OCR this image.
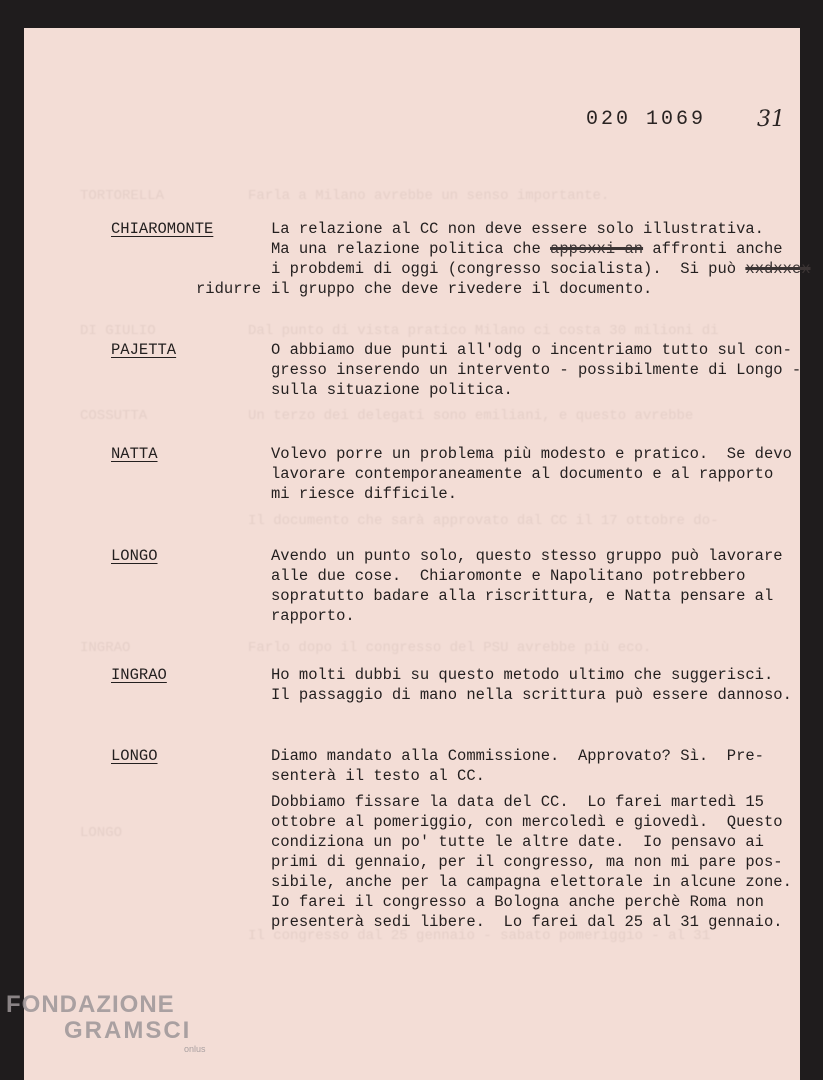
TORTORELLA          Farla a Milano avrebbe un senso importante.
DI GIULIO           Dal punto di vista pratico Milano ci costa 30 milioni di
COSSUTTA            Un terzo dei delegati sono emiliani, e questo avrebbe
Il documento che sarà approvato dal CC il 17 ottobre do-
INGRAO              Farlo dopo il congresso del PSU avrebbe più eco.
LONGO
Il congresso dal 25 gennaio - sabato pomeriggio - al 31
020 1069 31
CHIAROMONTE	La relazione al CC non deve essere solo illustrativa.
Ma una relazione politica che appsxxi an affronti anche
i probdemi di oggi (congresso socialista).  Si può xxdxxex
ridurre il gruppo che deve rivedere il documento.
PAJETTA	O abbiamo due punti all'odg o incentriamo tutto sul con-
gresso inserendo un intervento - possibilmente di Longo -
sulla situazione politica.
NATTA	Volevo porre un problema più modesto e pratico.  Se devo
lavorare contemporaneamente al documento e al rapporto
mi riesce difficile.
LONGO	Avendo un punto solo, questo stesso gruppo può lavorare
alle due cose.  Chiaromonte e Napolitano potrebbero
sopratutto badare alla riscrittura, e Natta pensare al
rapporto.
INGRAO	Ho molti dubbi su questo metodo ultimo che suggerisci.
Il passaggio di mano nella scrittura può essere dannoso.
LONGO	Diamo mandato alla Commissione.  Approvato? Sì.  Pre-
senterà il testo al CC.
Dobbiamo fissare la data del CC.  Lo farei martedì 15
ottobre al pomeriggio, con mercoledì e giovedì.  Questo
condiziona un po' tutte le altre date.  Io pensavo ai
primi di gennaio, per il congresso, ma non mi pare pos-
sibile, anche per la campagna elettorale in alcune zone.
Io farei il congresso a Bologna anche perchè Roma non
presenterà sedi libere.  Lo farei dal 25 al 31 gennaio.
FONDAZIONE
GRAMSCI
onlus
